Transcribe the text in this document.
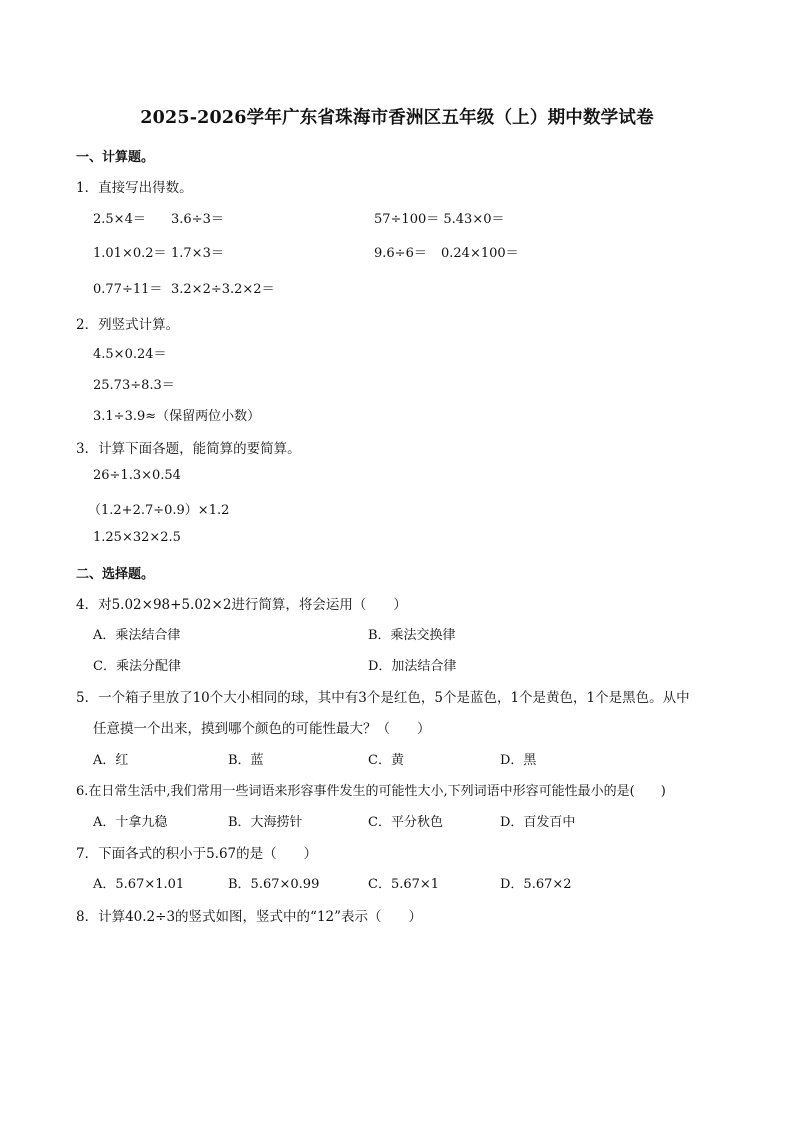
2025-2026学年广东省珠海市香洲区五年级（上）期中数学试卷
一、计算题。
1．直接写出得数。
2.5×4＝ 3.6÷3＝	57÷100＝ 5.43×0＝
1.01×0.2＝ 1.7×3＝	9.6÷6＝ 0.24×100＝
0.77÷11＝ 3.2×2÷3.2×2＝
2．列竖式计算。
4.5×0.24＝
25.73÷8.3＝
3.1÷3.9≈（保留两位小数）
3．计算下面各题，能简算的要简算。
26÷1.3×0.54
（1.2+2.7÷0.9）×1.2
1.25×32×2.5
二、选择题。
4．对5.02×98+5.02×2进行简算，将会运用（　　）
A．乘法结合律	B．乘法交换律
C．乘法分配律	D．加法结合律
5．一个箱子里放了10个大小相同的球，其中有3个是红色，5个是蓝色，1个是黄色，1个是黑色。从中
任意摸一个出来，摸到哪个颜色的可能性最大？（　　）
A．红	B．蓝	C．黄	D．黑
6.在日常生活中,我们常用一些词语来形容事件发生的可能性大小,下列词语中形容可能性最小的是(　　)
A．十拿九稳	B．大海捞针	C．平分秋色	D．百发百中
7．下面各式的积小于5.67的是（　　）
A．5.67×1.01	B．5.67×0.99	C．5.67×1	D．5.67×2
8．计算40.2÷3的竖式如图，竖式中的“12”表示（　　）
